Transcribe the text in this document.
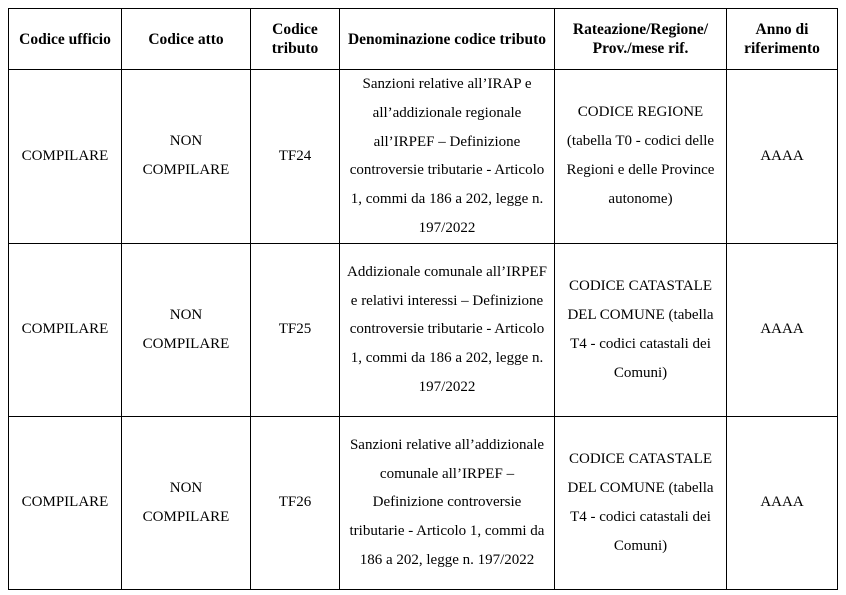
Codice ufficio	Codice atto	Codice tributo	Denominazione codice tributo	Rateazione/Regione/ Prov./mese rif.	Anno di riferimento
COMPILARE	NON COMPILARE	TF24	Sanzioni relative all’IRAP e all’addizionale regionale all’IRPEF – Definizione controversie tributarie - Articolo 1, commi da 186 a 202, legge n. 197/2022	CODICE REGIONE (tabella T0 - codici delle Regioni e delle Province autonome)	AAAA
COMPILARE	NON COMPILARE	TF25	Addizionale comunale all’IRPEF e relativi interessi – Definizione controversie tributarie - Articolo 1, commi da 186 a 202, legge n. 197/2022	CODICE CATASTALE DEL COMUNE (tabella T4 - codici catastali dei Comuni)	AAAA
COMPILARE	NON COMPILARE	TF26	Sanzioni relative all’addizionale comunale all’IRPEF – Definizione controversie tributarie - Articolo 1, commi da 186 a 202, legge n. 197/2022	CODICE CATASTALE DEL COMUNE (tabella T4 - codici catastali dei Comuni)	AAAA
